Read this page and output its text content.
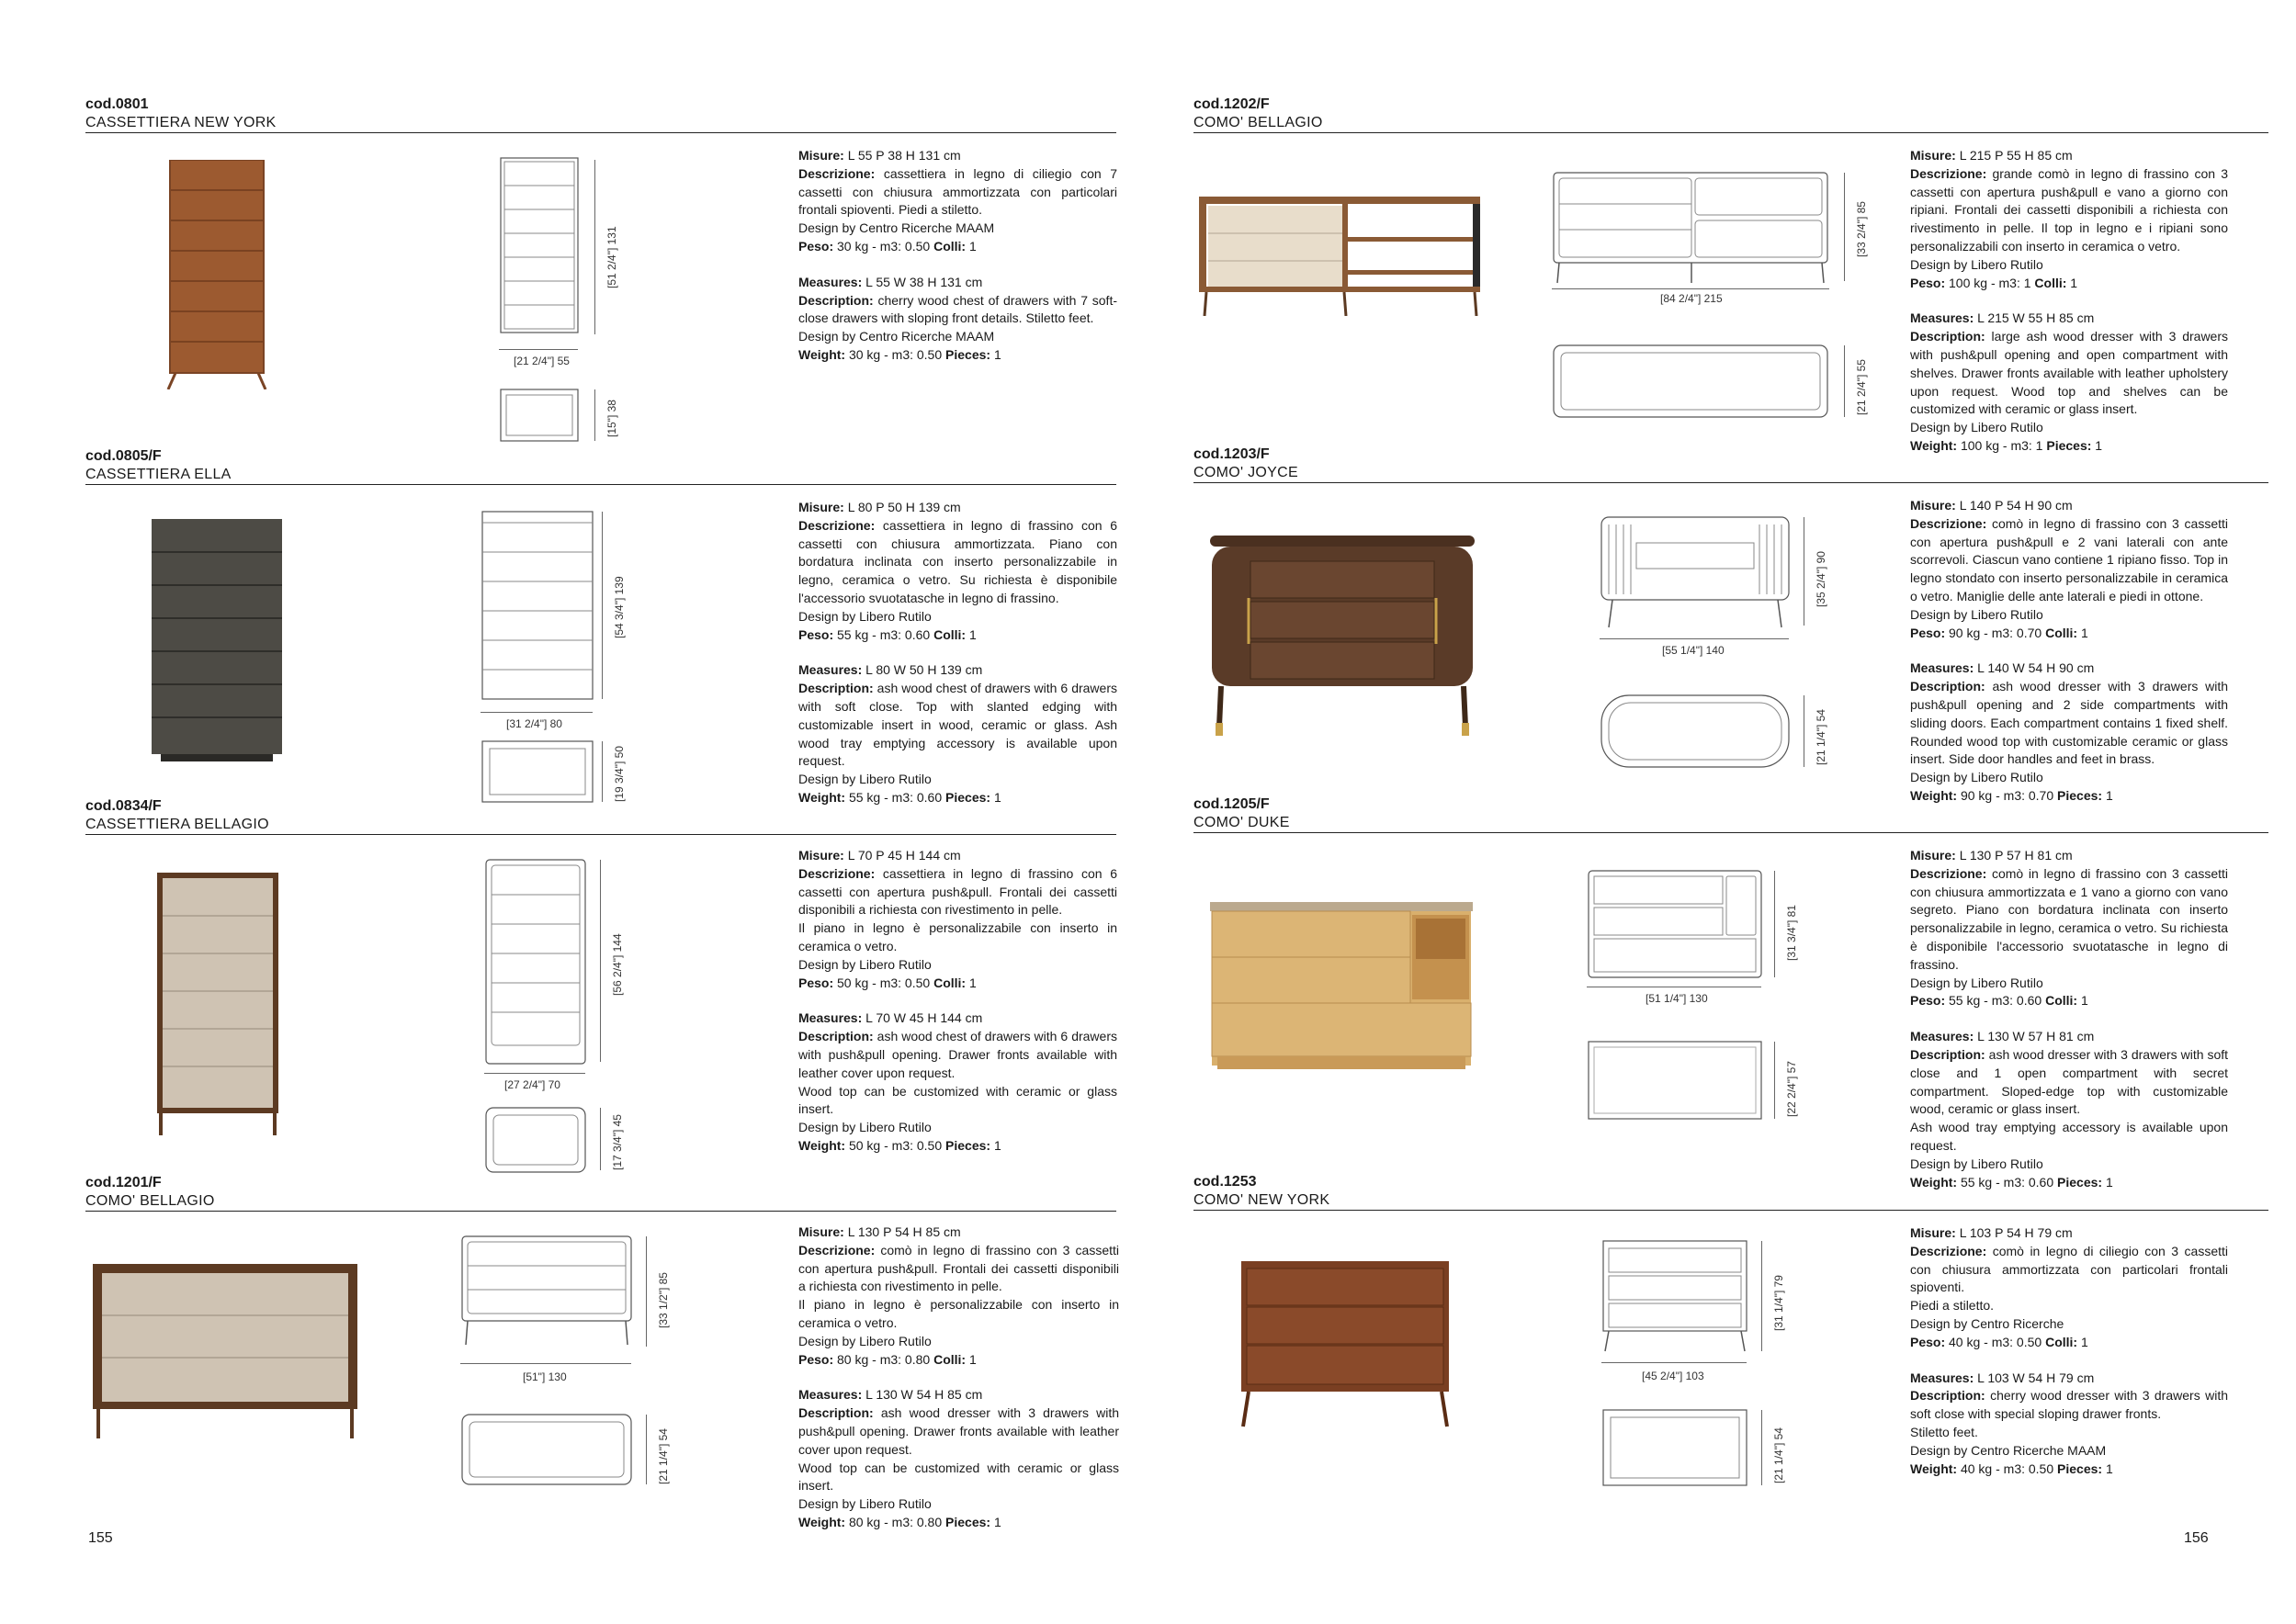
cod.0801
CASSETTIERA NEW YORK
[51 2/4"] 131
[21 2/4"] 55
[15"] 38

Misure: L 55 P 38 H 131 cm

Descrizione: cassettiera in legno di ciliegio con 7 cassetti con chiusura ammortizzata con particolari frontali spioventi. Piedi a stiletto.

Design by Centro Ricerche MAAM

Peso: 30 kg - m3: 0.50 Colli: 1

Measures: L 55 W 38 H 131 cm

Description: cherry wood chest of drawers with 7 soft-close drawers with sloping front details. Stiletto feet.

Design by Centro Ricerche MAAM

Weight: 30 kg - m3: 0.50 Pieces: 1

cod.0805/F
CASSETTIERA ELLA
[54 3/4"] 139
[31 2/4"] 80
[19 3/4"] 50

Misure: L 80 P 50 H 139 cm

Descrizione: cassettiera in legno di frassino con 6 cassetti con chiusura ammortizzata. Piano con bordatura inclinata con inserto personalizzabile in legno, ceramica o vetro. Su richiesta è disponibile l'accessorio svuotatasche in legno di frassino.

Design by Libero Rutilo

Peso: 55 kg - m3: 0.60 Colli: 1

Measures: L 80 W 50 H 139 cm

Description: ash wood chest of drawers with 6 drawers with soft close. Top with slanted edging with customizable insert in wood, ceramic or glass. Ash wood tray emptying accessory is available upon request.

Design by Libero Rutilo

Weight: 55 kg - m3: 0.60 Pieces: 1

cod.0834/F
CASSETTIERA BELLAGIO
[56 2/4"] 144
[27 2/4"] 70
[17 3/4"] 45

Misure: L 70 P 45 H 144 cm

Descrizione: cassettiera in legno di frassino con 6 cassetti con apertura push&pull. Frontali dei cassetti disponibili a richiesta con rivestimento in pelle.

Il piano in legno è personalizzabile con inserto in ceramica o vetro.

Design by Libero Rutilo

Peso: 50 kg - m3: 0.50 Colli: 1

Measures: L 70 W 45 H 144 cm

Description: ash wood chest of drawers with 6 drawers with push&pull opening. Drawer fronts available with leather cover upon request.

Wood top can be customized with ceramic or glass insert.

Design by Libero Rutilo

Weight: 50 kg - m3: 0.50 Pieces: 1

cod.1201/F
COMO' BELLAGIO
[33 1/2"] 85
[51"] 130
[21 1/4"] 54

Misure: L 130 P 54 H 85 cm

Descrizione: comò in legno di frassino con 3 cassetti con apertura push&pull. Frontali dei cassetti disponibili a richiesta con rivestimento in pelle.

Il piano in legno è personalizzabile con inserto in ceramica o vetro.

Design by Libero Rutilo

Peso: 80 kg - m3: 0.80 Colli: 1

Measures: L 130 W 54 H 85 cm

Description: ash wood dresser with 3 drawers with push&pull opening. Drawer fronts available with leather cover upon request.

Wood top can be customized with ceramic or glass insert.

Design by Libero Rutilo

Weight: 80 kg - m3: 0.80 Pieces: 1

155
cod.1202/F
COMO' BELLAGIO
[33 2/4"] 85
[84 2/4"] 215
[21 2/4"] 55

Misure: L 215 P 55 H 85 cm

Descrizione: grande comò in legno di frassino con 3 cassetti con apertura push&pull e vano a giorno con ripiani. Frontali dei cassetti disponibili a richiesta con rivestimento in pelle. Il top in legno e i ripiani sono personalizzabili con inserto in ceramica o vetro.

Design by Libero Rutilo

Peso: 100 kg - m3: 1 Colli: 1

Measures: L 215 W 55 H 85 cm

Description: large ash wood dresser with 3 drawers with push&pull opening and open compartment with shelves. Drawer fronts available with leather upholstery upon request. Wood top and shelves can be customized with ceramic or glass insert.

Design by Libero Rutilo

Weight: 100 kg - m3: 1 Pieces: 1

cod.1203/F
COMO' JOYCE
[35 2/4"] 90
[55 1/4"] 140
[21 1/4"] 54

Misure: L 140 P 54 H 90 cm

Descrizione: comò in legno di frassino con 3 cassetti con apertura push&pull e 2 vani laterali con ante scorrevoli. Ciascun vano contiene 1 ripiano fisso. Top in legno stondato con inserto personalizzabile in ceramica o vetro. Maniglie delle ante laterali e piedi in ottone.

Design by Libero Rutilo

Peso: 90 kg - m3: 0.70 Colli: 1

Measures: L 140 W 54 H 90 cm

Description: ash wood dresser with 3 drawers with push&pull opening and 2 side compartments with sliding doors. Each compartment contains 1 fixed shelf. Rounded wood top with customizable ceramic or glass insert. Side door handles and feet in brass.

Design by Libero Rutilo

Weight: 90 kg - m3: 0.70 Pieces: 1

cod.1205/F
COMO' DUKE
[31 3/4"] 81
[51 1/4"] 130
[22 2/4"] 57

Misure: L 130 P 57 H 81 cm

Descrizione: comò in legno di frassino con 3 cassetti con chiusura ammortizzata e 1 vano a giorno con vano segreto. Piano con bordatura inclinata con inserto personalizzabile in legno, ceramica o vetro. Su richiesta è disponibile l'accessorio svuotatasche in legno di frassino.

Design by Libero Rutilo

Peso: 55 kg - m3: 0.60 Colli: 1

Measures: L 130 W 57 H 81 cm

Description: ash wood dresser with 3 drawers with soft close and 1 open compartment with secret compartment. Sloped-edge top with customizable wood, ceramic or glass insert.

Ash wood tray emptying accessory is available upon request.

Design by Libero Rutilo

Weight: 55 kg - m3: 0.60 Pieces: 1

cod.1253
COMO' NEW YORK
[31 1/4"] 79
[45 2/4"] 103
[21 1/4"] 54

Misure: L 103 P 54 H 79 cm

Descrizione: comò in legno di ciliegio con 3 cassetti con chiusura ammortizzata con particolari frontali spioventi.

Piedi a stiletto.

Design by Centro Ricerche

Peso: 40 kg - m3: 0.50 Colli: 1

Measures: L 103 W 54 H 79 cm

Description: cherry wood dresser with 3 drawers with soft close with special sloping drawer fronts.

Stiletto feet.

Design by Centro Ricerche MAAM

Weight: 40 kg - m3: 0.50 Pieces: 1

156
